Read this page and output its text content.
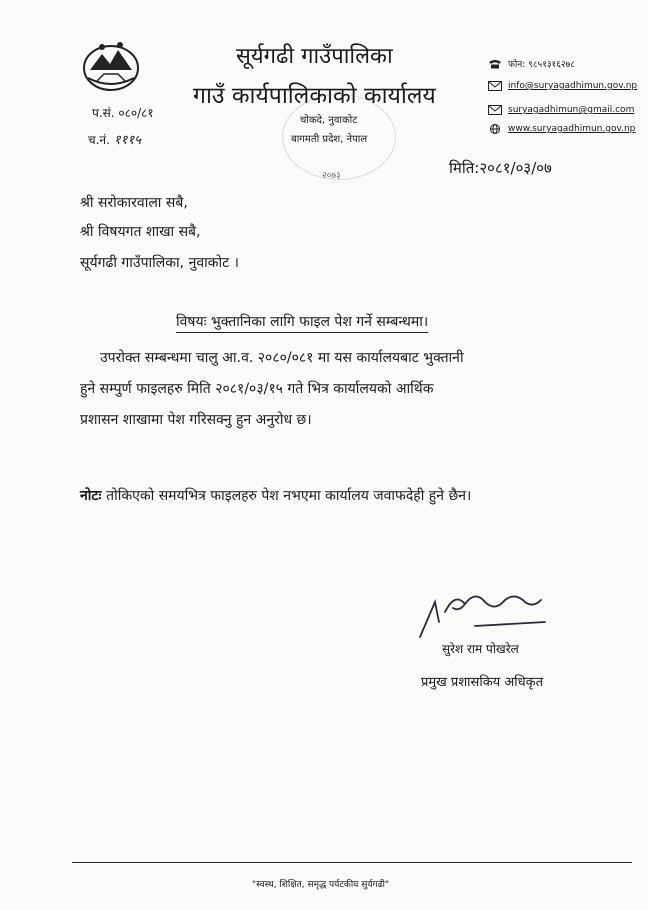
सूर्यगढी गाउँपालिका
गाउँ कार्यपालिकाको कार्यालय
चोकदे, नुवाकोट
बागमती प्रदेश, नेपाल
२०७३
प.सं. ०८०/८१
च.नं. १११५
फोन: ९८५१३१६२७८
info@suryagadhimun.gov.np
suryagadhimun@gmail.com
www.suryagadhimun.gov.np
मिति:२०८१/०३/०७
श्री सरोकारवाला सबै,
श्री विषयगत शाखा सबै,
सूर्यगढी गाउँपालिका, नुवाकोट ।
विषयः भुक्तानिका लागि फाइल पेश गर्ने सम्बन्धमा।
उपरोक्त सम्बन्धमा चालु आ.व. २०८०/०८१ मा यस कार्यालयबाट भुक्तानी
हुने सम्पुर्ण फाइलहरु मिति २०८१/०३/१५ गते भित्र कार्यालयको आर्थिक
प्रशासन शाखामा पेश गरिसक्नु हुन अनुरोध छ।
नोटः तोकिएको समयभित्र फाइलहरु पेश नभएमा कार्यालय जवाफदेही हुने छैन।
सुरेश राम पोखरेल
प्रमुख प्रशासकिय अधिकृत
"स्वस्थ, शिक्षित, समृद्ध पर्यटकीय सुर्यगढी"
